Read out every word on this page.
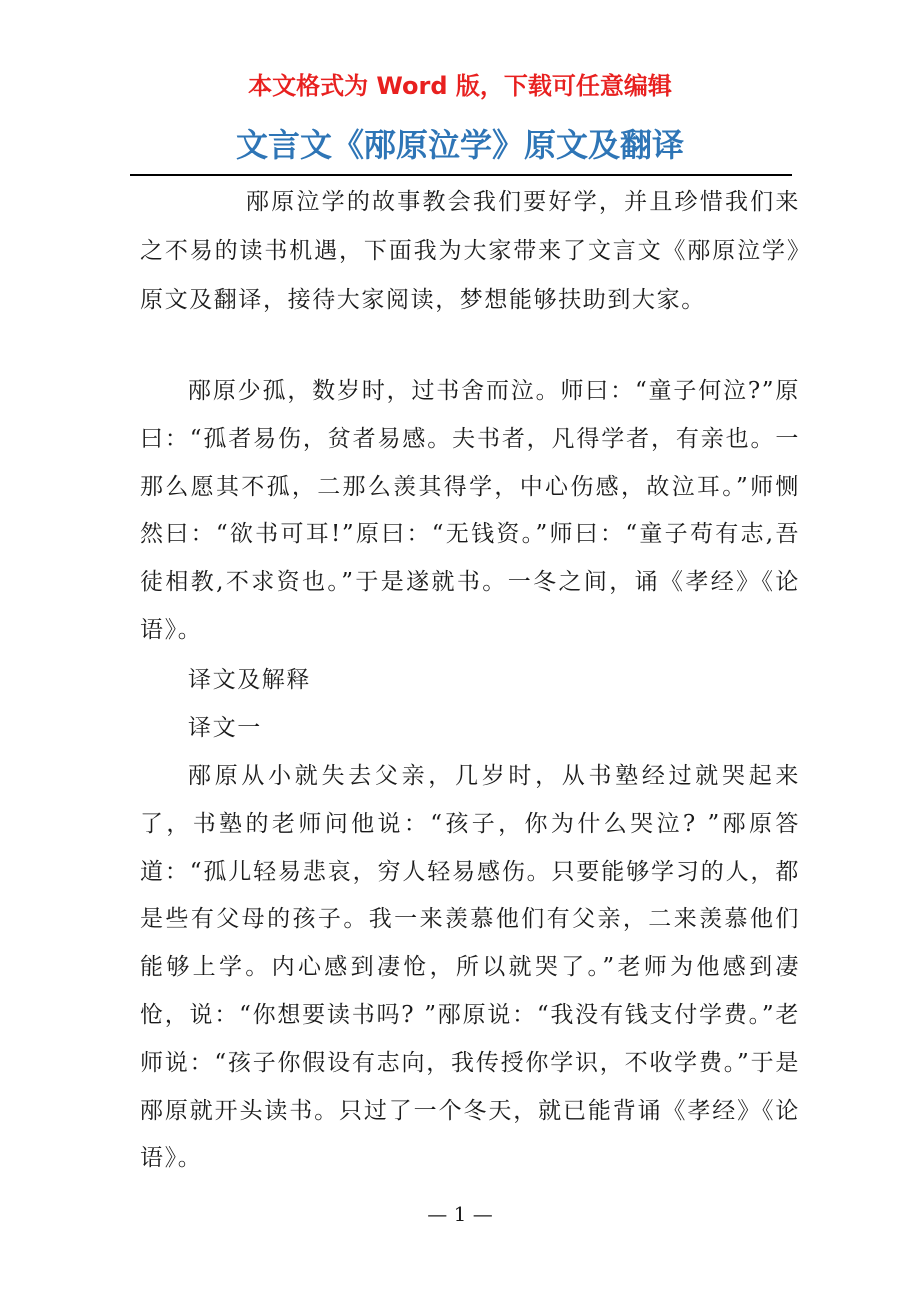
本文格式为 Word 版，下载可任意编辑
文言文《邴原泣学》原文及翻译

邴原泣学的故事教会我们要好学，并且珍惜我们来之不易的读书机遇，下面我为大家带来了文言文《邴原泣学》原文及翻译，接待大家阅读，梦想能够扶助到大家。

邴原少孤，数岁时，过书舍而泣。师曰：“童子何泣?”原曰：“孤者易伤，贫者易感。夫书者，凡得学者，有亲也。一那么愿其不孤，二那么羡其得学，中心伤感，故泣耳。”师恻然曰：“欲书可耳!”原曰：“无钱资。”师曰：“童子苟有志,吾徒相教,不求资也。”于是遂就书。一冬之间，诵《孝经》《论语》。

译文及解释

译文一

邴原从小就失去父亲，几岁时，从书塾经过就哭起来了，书塾的老师问他说：“孩子，你为什么哭泣? ”邴原答道：“孤儿轻易悲哀，穷人轻易感伤。只要能够学习的人，都是些有父母的孩子。我一来羡慕他们有父亲，二来羡慕他们能够上学。内心感到凄怆，所以就哭了。”老师为他感到凄怆，说：“你想要读书吗? ”邴原说：“我没有钱支付学费。”老师说：“孩子你假设有志向，我传授你学识，不收学费。”于是邴原就开头读书。只过了一个冬天，就已能背诵《孝经》《论语》。

— 1 —
